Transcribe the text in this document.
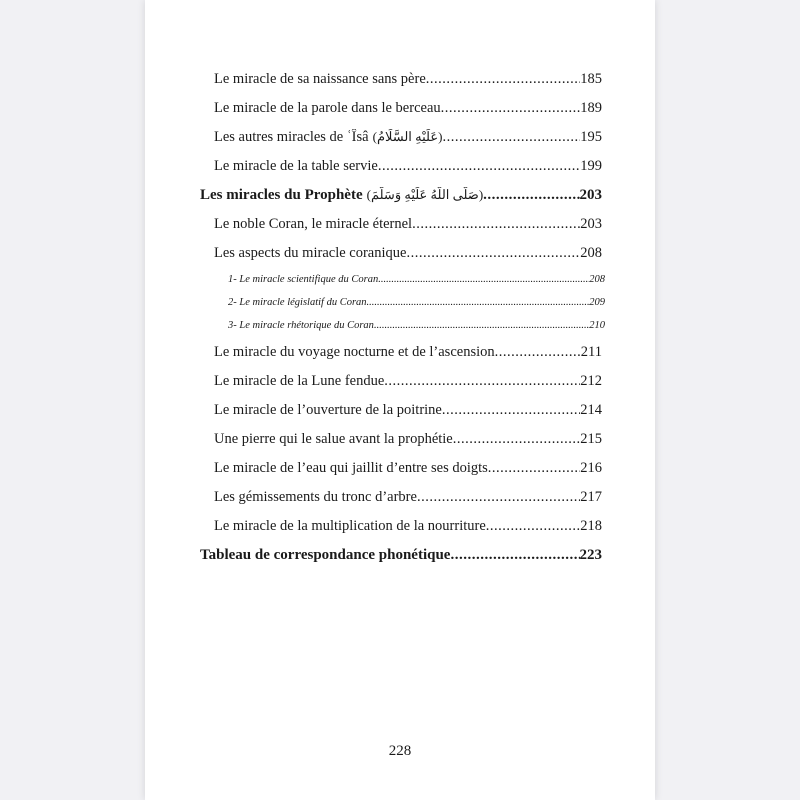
Le miracle de sa naissance sans père .....	185
Le miracle de la parole dans le berceau .....	189
Les autres miracles de ʿÎsâ (عَلَيْهِ السَّلَامُ) .....	195
Le miracle de la table servie .....	199
Les miracles du Prophète (صَلَّى اللَّهُ عَلَيْهِ وَسَلَّمَ) .....	203
Le noble Coran, le miracle éternel .....	203
Les aspects du miracle coranique .....	208
1- Le miracle scientifique du Coran .....	208
2- Le miracle législatif du Coran .....	209
3- Le miracle rhétorique du Coran .....	210
Le miracle du voyage nocturne et de l’ascension .....	211
Le miracle de la Lune fendue .....	212
Le miracle de l’ouverture de la poitrine .....	214
Une pierre qui le salue avant la prophétie .....	215
Le miracle de l’eau qui jaillit d’entre ses doigts .....	216
Les gémissements du tronc d’arbre .....	217
Le miracle de la multiplication de la nourriture .....	218
Tableau de correspondance phonétique .....	223
228
